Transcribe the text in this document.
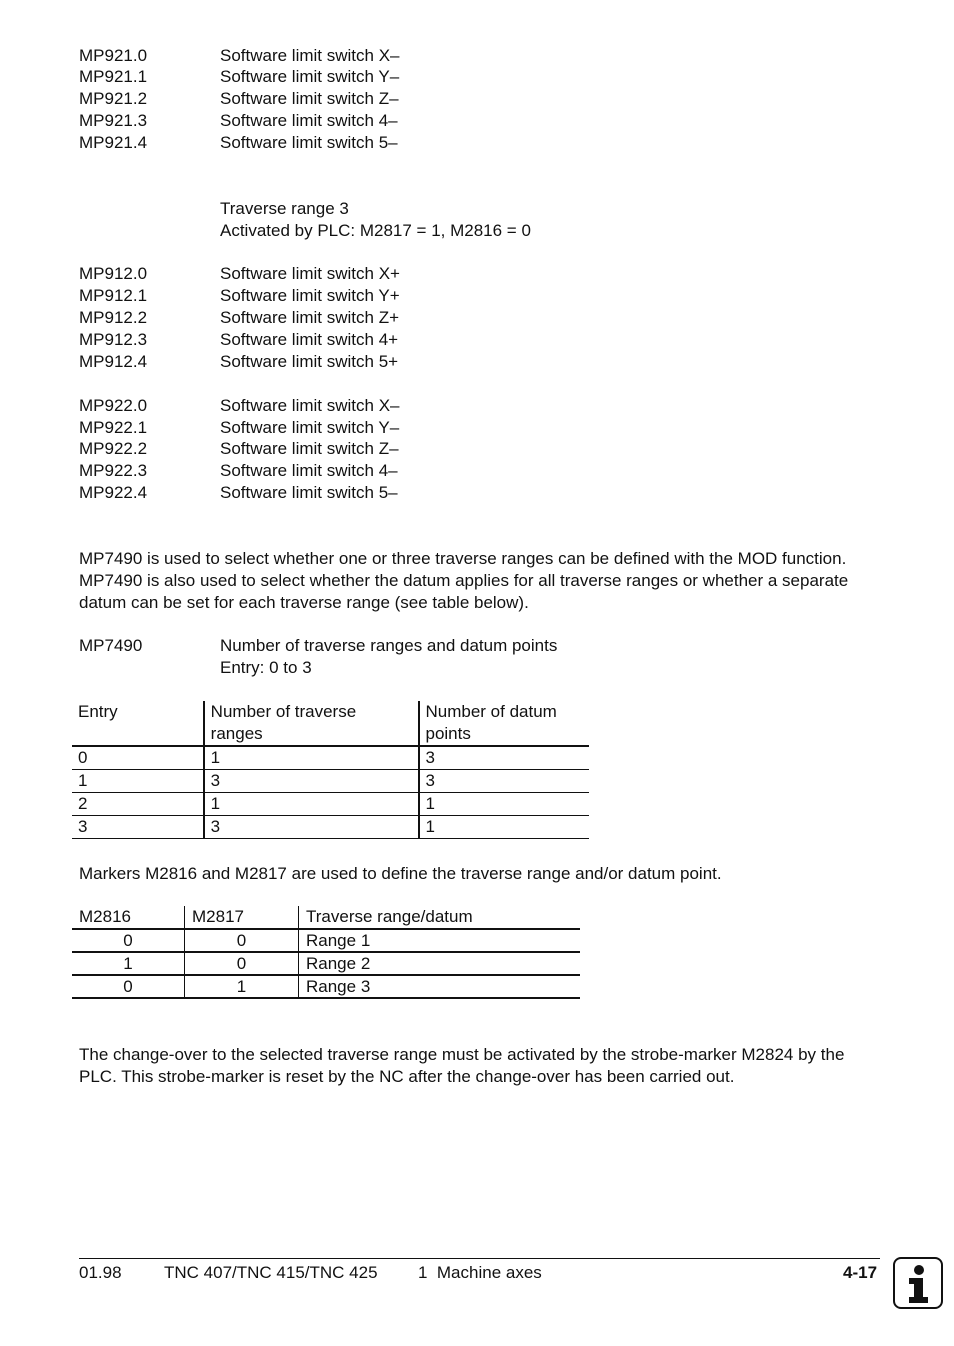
MP921.0	Software limit switch X–
MP921.1	Software limit switch Y–
MP921.2	Software limit switch Z–
MP921.3	Software limit switch 4–
MP921.4	Software limit switch 5–
Traverse range 3
Activated by PLC: M2817 = 1, M2816 = 0
MP912.0	Software limit switch X+
MP912.1	Software limit switch Y+
MP912.2	Software limit switch Z+
MP912.3	Software limit switch 4+
MP912.4	Software limit switch 5+
MP922.0	Software limit switch X–
MP922.1	Software limit switch Y–
MP922.2	Software limit switch Z–
MP922.3	Software limit switch 4–
MP922.4	Software limit switch 5–
MP7490 is used to select whether one or three traverse ranges can be defined with the MOD function. MP7490 is also used to select whether the datum applies for all traverse ranges or whether a separate datum can be set for each traverse range (see table below).
MP7490	Number of traverse ranges and datum points
Entry: 0 to 3
Entry	Number of traverse ranges	Number of datum points
0	1	3
1	3	3
2	1	1
3	3	1
Markers M2816 and M2817 are used to define the traverse range and/or datum point.
M2816	M2817	Traverse range/datum
0	0	Range 1
1	0	Range 2
0	1	Range 3
The change-over to the selected traverse range must be activated by the strobe-marker M2824 by the PLC. This strobe-marker is reset by the NC after the change-over has been carried out.
01.98 TNC 407/TNC 415/TNC 425 1  Machine axes	4-17
